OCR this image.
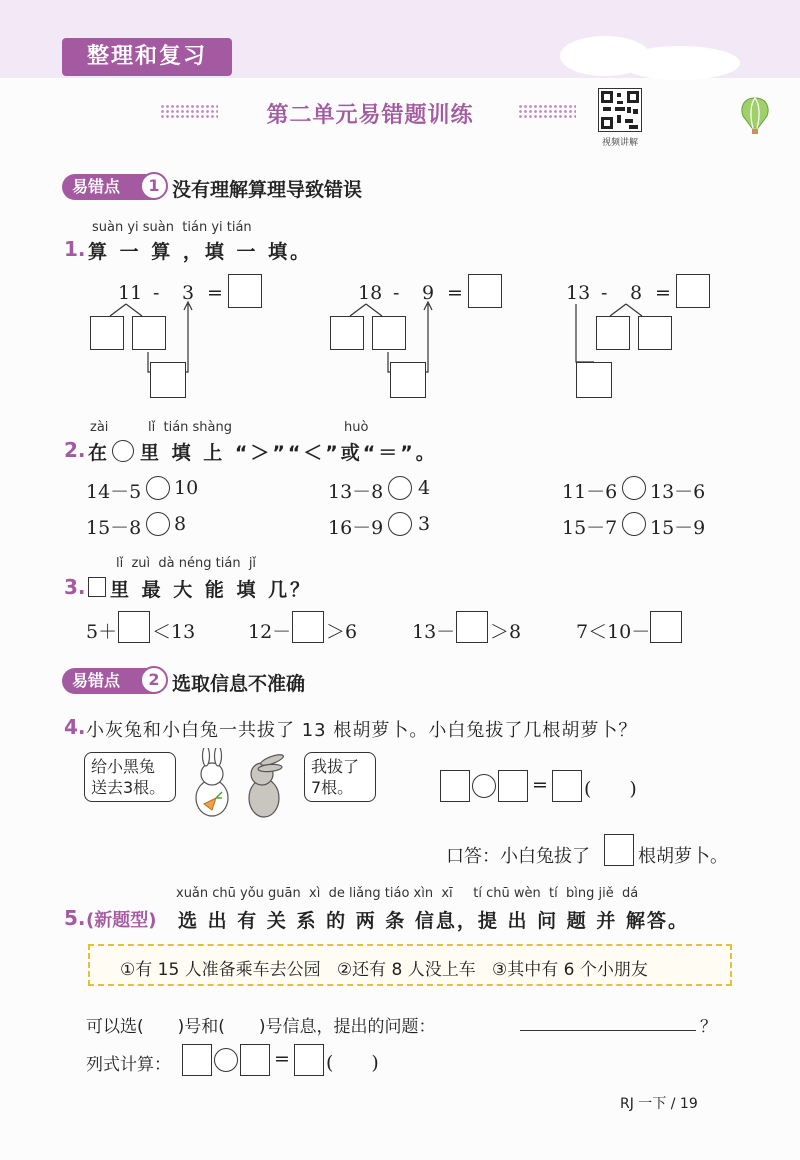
整理和复习
第二单元易错题训练
视频讲解
易错点	1 没有理解算理导致错误
suàn yi suàn  tián yi tián
1. 算 一 算 ，填 一 填。
11 - 3 =	18 - 9 =	13 - 8 =
zài	lǐ  tián shàng	huò
2. 在 里 填 上 “＞”“＜”或“＝”。
14－5 10	13－8 4	11－6 13－6
15－8 8	16－9 3	15－7 15－9
lǐ  zuì  dà néng tián  jǐ
3. 里 最 大 能 填 几？
5＋ ＜13	12－ ＞6	13－ ＞8	7＜10－
易错点	2 选取信息不准确
4. 小灰兔和小白兔一共拔了 13 根胡萝卜。小白兔拔了几根胡萝卜？
给小黑兔
送去3根。
我拔了
7根。	= (　　)
口答：小白兔拔了	根胡萝卜。
xuǎn chū yǒu guān  xì  de liǎng tiáo xìn  xī     tí chū wèn  tí  bìng jiě  dá
5. (新题型) 选 出 有 关 系 的 两 条 信息，提 出 问 题 并 解答。
①有 15 人准备乘车去公园   ②还有 8 人没上车   ③其中有 6 个小朋友
可以选(　　)号和(　　)号信息，提出的问题：	？
列式计算：	= (　　)
RJ 一下 / 19
